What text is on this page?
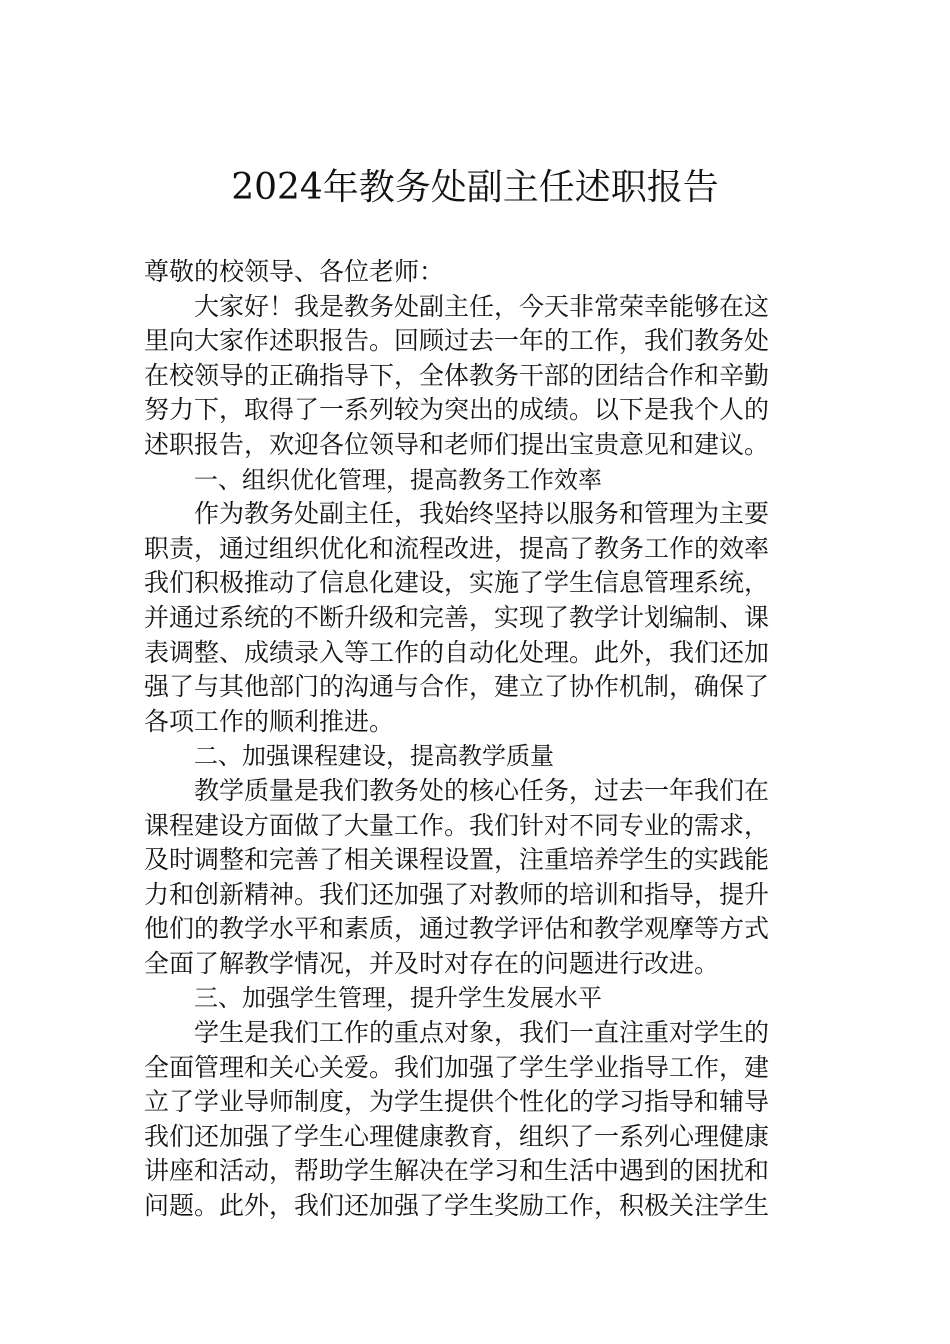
2024年教务处副主任述职报告
尊敬的校领导、各位老师：
大家好！我是教务处副主任，今天非常荣幸能够在这
里向大家作述职报告。回顾过去一年的工作，我们教务处
在校领导的正确指导下，全体教务干部的团结合作和辛勤
努力下，取得了一系列较为突出的成绩。以下是我个人的
述职报告，欢迎各位领导和老师们提出宝贵意见和建议。
一、组织优化管理，提高教务工作效率
作为教务处副主任，我始终坚持以服务和管理为主要
职责，通过组织优化和流程改进，提高了教务工作的效率
我们积极推动了信息化建设，实施了学生信息管理系统，
并通过系统的不断升级和完善，实现了教学计划编制、课
表调整、成绩录入等工作的自动化处理。此外，我们还加
强了与其他部门的沟通与合作，建立了协作机制，确保了
各项工作的顺利推进。
二、加强课程建设，提高教学质量
教学质量是我们教务处的核心任务，过去一年我们在
课程建设方面做了大量工作。我们针对不同专业的需求，
及时调整和完善了相关课程设置，注重培养学生的实践能
力和创新精神。我们还加强了对教师的培训和指导，提升
他们的教学水平和素质，通过教学评估和教学观摩等方式
全面了解教学情况，并及时对存在的问题进行改进。
三、加强学生管理，提升学生发展水平
学生是我们工作的重点对象，我们一直注重对学生的
全面管理和关心关爱。我们加强了学生学业指导工作，建
立了学业导师制度，为学生提供个性化的学习指导和辅导
我们还加强了学生心理健康教育，组织了一系列心理健康
讲座和活动，帮助学生解决在学习和生活中遇到的困扰和
问题。此外，我们还加强了学生奖励工作，积极关注学生
